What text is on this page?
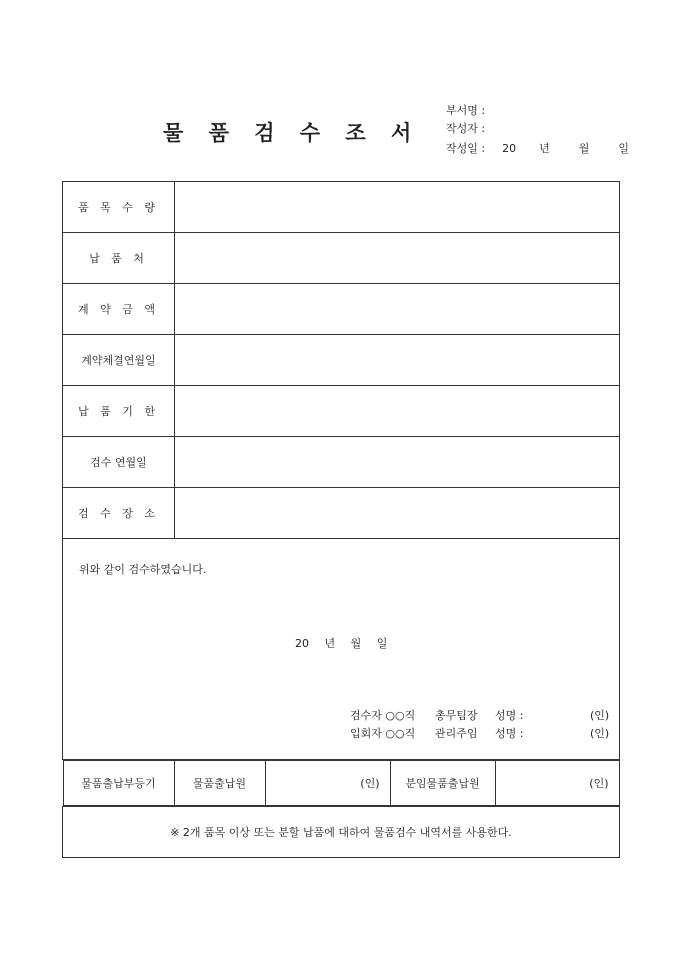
물 품 검 수 조 서
부서명 :
작성자 :
작성일 : 20 년	월	일
품 목 수 량	
납 품 처	
계 약 금 액	
계약체결연월일	
납 품 기 한	
검수 연월일	
검 수 장 소	

위와 같이 검수하였습니다.
20 년 월 일
검수자 ○○직 총무팀장 성명 :	(인)
입회자 ○○직 관리주임 성명 :	(인)

물품출납부등기	물품출납원	(인)	분임물품출납원	(인)

※ 2개 품목 이상 또는 분할 납품에 대하여 물품검수 내역서를 사용한다.
